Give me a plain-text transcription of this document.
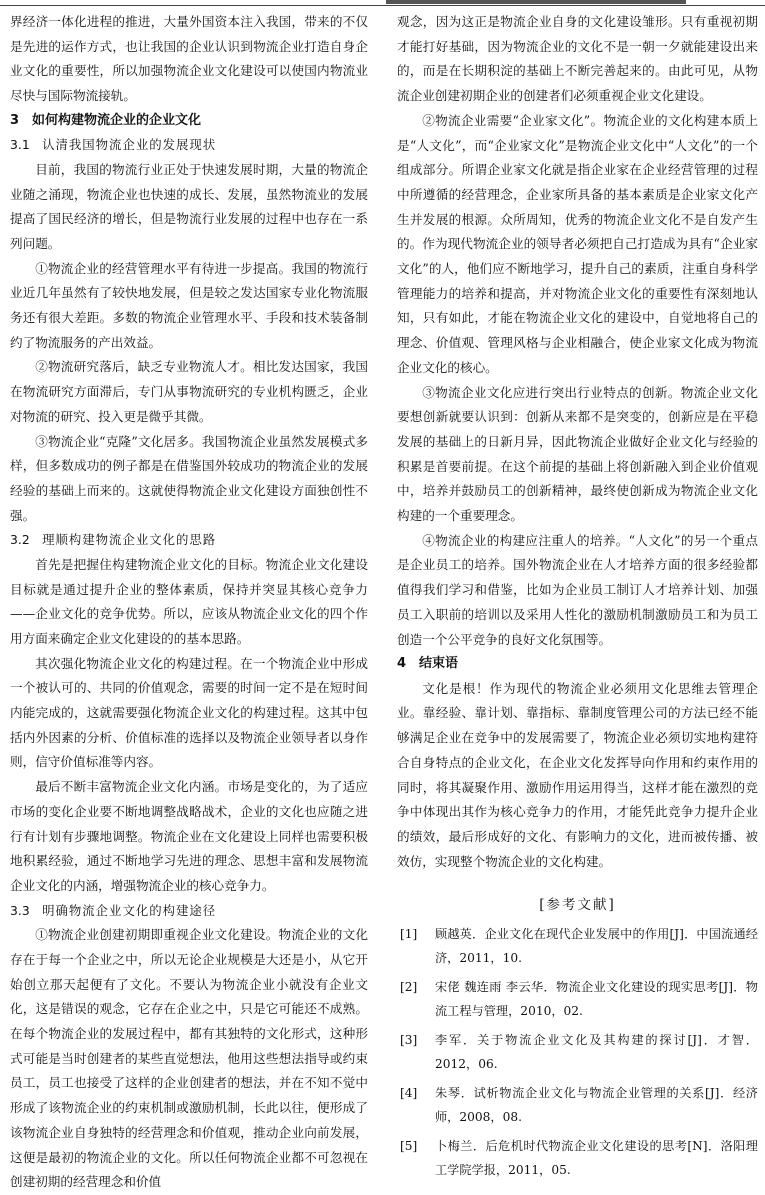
界经济一体化进程的推进，大量外国资本注入我国，带来的不仅是先进的运作方式，也让我国的企业认识到物流企业打造自身企业文化的重要性，所以加强物流企业文化建设可以使国内物流业尽快与国际物流接轨。

3　如何构建物流企业的企业文化
3.1　 认清我国物流企业的发展现状

目前，我国的物流行业正处于快速发展时期，大量的物流企业随之涌现，物流企业也快速的成长、发展，虽然物流业的发展提高了国民经济的增长，但是物流行业发展的过程中也存在一系列问题。

①物流企业的经营管理水平有待进一步提高。我国的物流行业近几年虽然有了较快地发展，但是较之发达国家专业化物流服务还有很大差距。多数的物流企业管理水平、手段和技术装备制约了物流服务的产出效益。

②物流研究落后，缺乏专业物流人才。相比发达国家，我国在物流研究方面滞后，专门从事物流研究的专业机构匮乏，企业对物流的研究、投入更是微乎其微。

③物流企业“克隆”文化居多。我国物流企业虽然发展模式多样，但多数成功的例子都是在借鉴国外较成功的物流企业的发展经验的基础上而来的。这就使得物流企业文化建设方面独创性不强。

3.2　 理顺构建物流企业文化的思路

首先是把握住构建物流企业文化的目标。物流企业文化建设目标就是通过提升企业的整体素质，保持并突显其核心竞争力——企业文化的竞争优势。所以，应该从物流企业文化的四个作用方面来确定企业文化建设的的基本思路。

其次强化物流企业文化的构建过程。在一个物流企业中形成一个被认可的、共同的价值观念，需要的时间一定不是在短时间内能完成的，这就需要强化物流企业文化的构建过程。这其中包括内外因素的分析、价值标准的选择以及物流企业领导者以身作则，信守价值标准等内容。

最后不断丰富物流企业文化内涵。市场是变化的，为了适应市场的变化企业要不断地调整战略战术，企业的文化也应随之进行有计划有步骤地调整。物流企业在文化建设上同样也需要积极地积累经验，通过不断地学习先进的理念、思想丰富和发展物流企业文化的内涵，增强物流企业的核心竞争力。

3.3　 明确物流企业文化的构建途径

①物流企业创建初期即重视企业文化建设。物流企业的文化存在于每一个企业之中，所以无论企业规模是大还是小，从它开始创立那天起便有了文化。不要认为物流企业小就没有企业文化，这是错误的观念，它存在企业之中，只是它可能还不成熟。在每个物流企业的发展过程中，都有其独特的文化形式，这种形式可能是当时创建者的某些直觉想法，他用这些想法指导或约束员工，员工也接受了这样的企业创建者的想法，并在不知不觉中形成了该物流企业的约束机制或激励机制，长此以往，便形成了该物流企业自身独特的经营理念和价值观，推动企业向前发展，这便是最初的物流企业的文化。所以任何物流企业都不可忽视在创建初期的经营理念和价值

观念，因为这正是物流企业自身的文化建设雏形。只有重视初期才能打好基础，因为物流企业的文化不是一朝一夕就能建设出来的，而是在长期积淀的基础上不断完善起来的。由此可见，从物流企业创建初期企业的创建者们必须重视企业文化建设。

②物流企业需要“企业家文化”。物流企业的文化构建本质上是“人文化”，而“企业家文化”是物流企业文化中“人文化”的一个组成部分。所谓企业家文化就是指企业家在企业经营管理的过程中所遵循的经营理念，企业家所具备的基本素质是企业家文化产生并发展的根源。众所周知，优秀的物流企业文化不是自发产生的。作为现代物流企业的领导者必须把自己打造成为具有“企业家文化”的人，他们应不断地学习，提升自己的素质，注重自身科学管理能力的培养和提高，并对物流企业文化的重要性有深刻地认知，只有如此，才能在物流企业文化的建设中，自觉地将自己的理念、价值观、管理风格与企业相融合，使企业家文化成为物流企业文化的核心。

③物流企业文化应进行突出行业特点的创新。物流企业文化要想创新就要认识到：创新从来都不是突变的，创新应是在平稳发展的基础上的日新月异，因此物流企业做好企业文化与经验的积累是首要前提。在这个前提的基础上将创新融入到企业价值观中，培养并鼓励员工的创新精神，最终使创新成为物流企业文化构建的一个重要理念。

④物流企业的构建应注重人的培养。“人文化”的另一个重点是企业员工的培养。国外物流企业在人才培养方面的很多经验都值得我们学习和借鉴，比如为企业员工制订人才培养计划、加强员工入职前的培训以及采用人性化的激励机制激励员工和为员工创造一个公平竞争的良好文化氛围等。

4　结束语

文化是根！作为现代的物流企业必须用文化思维去管理企业。靠经验、靠计划、靠指标、靠制度管理公司的方法已经不能够满足企业在竞争中的发展需要了，物流企业必须切实地构建符合自身特点的企业文化，在企业文化发挥导向作用和约束作用的同时，将其凝聚作用、激励作用运用得当，这样才能在激烈的竞争中体现出其作为核心竞争力的作用，才能凭此竞争力提升企业的绩效，最后形成好的文化、有影响力的文化，进而被传播、被效仿，实现整个物流企业的文化构建。

[参考文献]

[1] 顾越英．企业文化在现代企业发展中的作用[J]．中国流通经济，2011，10.

[2] 宋佬 魏连雨 李云华．物流企业文化建设的现实思考[J]．物流工程与管理，2010，02.

[3] 李军．关于物流企业文化及其构建的探讨[J]．才智．2012，06.

[4] 朱琴．试析物流企业文化与物流企业管理的关系[J]．经济师，2008，08.

[5] 卜梅兰．后危机时代物流企业文化建设的思考[N]．洛阳理工学院学报，2011，05.
